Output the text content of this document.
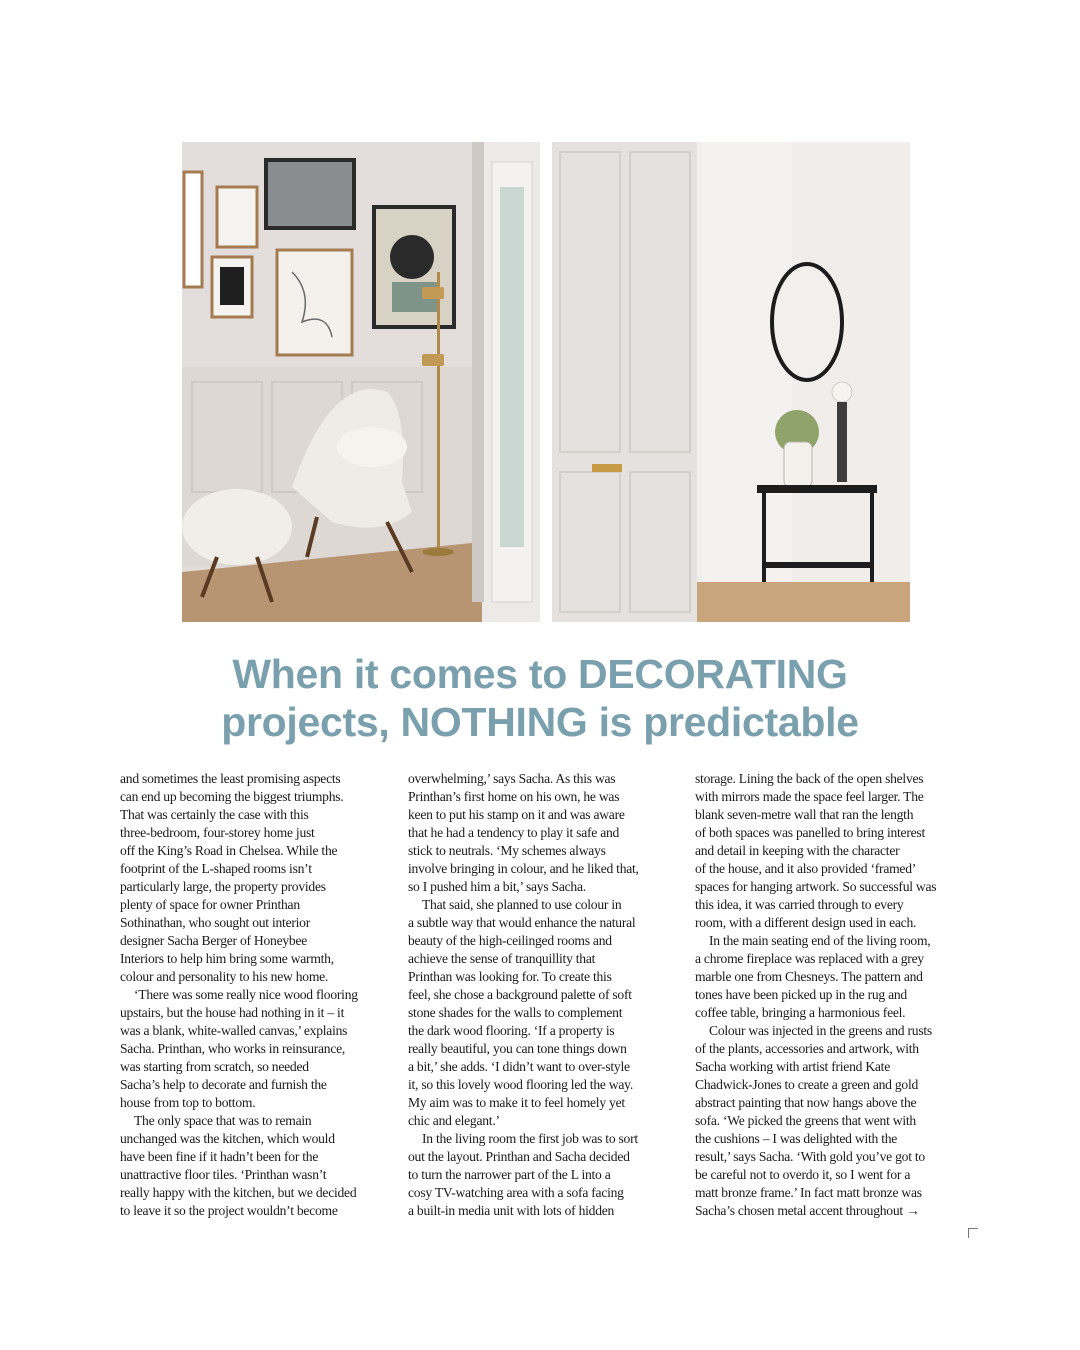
When it comes to DECORATING
projects, NOTHING is predictable
and sometimes the least promising aspects
can end up becoming the biggest triumphs.
That was certainly the case with this
three-bedroom, four-storey home just
off the King’s Road in Chelsea. While the
footprint of the L-shaped rooms isn’t
particularly large, the property provides
plenty of space for owner Printhan
Sothinathan, who sought out interior
designer Sacha Berger of Honeybee
Interiors to help him bring some warmth,
colour and personality to his new home.
‘There was some really nice wood flooring
upstairs, but the house had nothing in it – it
was a blank, white-walled canvas,’ explains
Sacha. Printhan, who works in reinsurance,
was starting from scratch, so needed
Sacha’s help to decorate and furnish the
house from top to bottom.
The only space that was to remain
unchanged was the kitchen, which would
have been fine if it hadn’t been for the
unattractive floor tiles. ‘Printhan wasn’t
really happy with the kitchen, but we decided
to leave it so the project wouldn’t become
overwhelming,’ says Sacha. As this was
Printhan’s first home on his own, he was
keen to put his stamp on it and was aware
that he had a tendency to play it safe and
stick to neutrals. ‘My schemes always
involve bringing in colour, and he liked that,
so I pushed him a bit,’ says Sacha.
That said, she planned to use colour in
a subtle way that would enhance the natural
beauty of the high-ceilinged rooms and
achieve the sense of tranquillity that
Printhan was looking for. To create this
feel, she chose a background palette of soft
stone shades for the walls to complement
the dark wood flooring. ‘If a property is
really beautiful, you can tone things down
a bit,’ she adds. ‘I didn’t want to over-style
it, so this lovely wood flooring led the way.
My aim was to make it to feel homely yet
chic and elegant.’
In the living room the first job was to sort
out the layout. Printhan and Sacha decided
to turn the narrower part of the L into a
cosy TV-watching area with a sofa facing
a built-in media unit with lots of hidden
storage. Lining the back of the open shelves
with mirrors made the space feel larger. The
blank seven-metre wall that ran the length
of both spaces was panelled to bring interest
and detail in keeping with the character
of the house, and it also provided ‘framed’
spaces for hanging artwork. So successful was
this idea, it was carried through to every
room, with a different design used in each.
In the main seating end of the living room,
a chrome fireplace was replaced with a grey
marble one from Chesneys. The pattern and
tones have been picked up in the rug and
coffee table, bringing a harmonious feel.
Colour was injected in the greens and rusts
of the plants, accessories and artwork, with
Sacha working with artist friend Kate
Chadwick-Jones to create a green and gold
abstract painting that now hangs above the
sofa. ‘We picked the greens that went with
the cushions – I was delighted with the
result,’ says Sacha. ‘With gold you’ve got to
be careful not to overdo it, so I went for a
matt bronze frame.’ In fact matt bronze was
Sacha’s chosen metal accent throughout →
